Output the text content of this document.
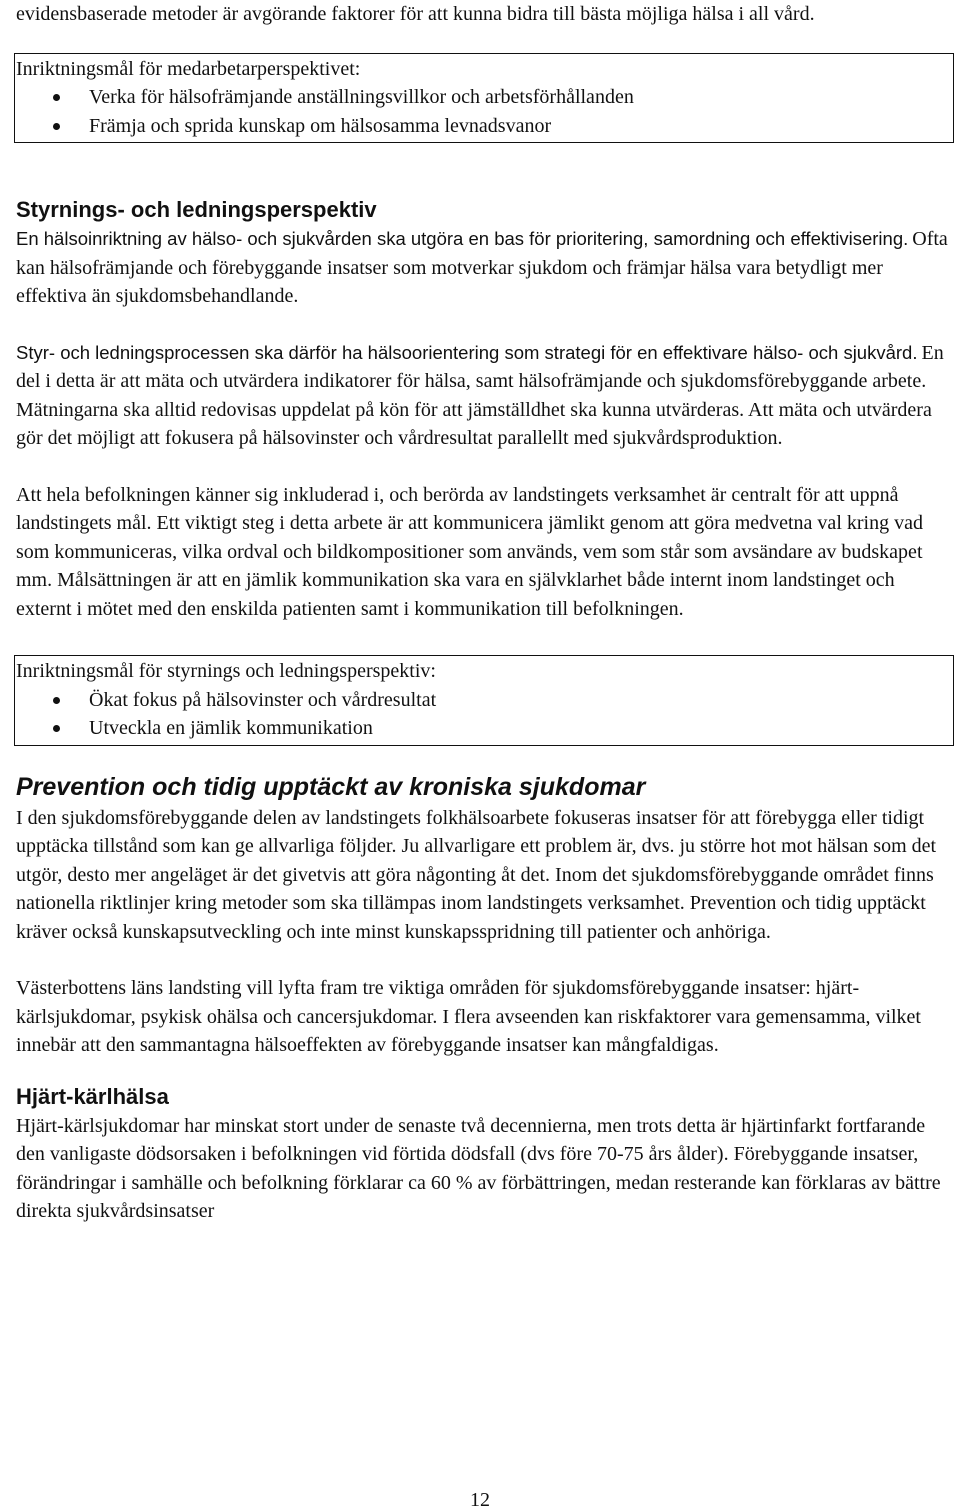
evidensbaserade metoder är avgörande faktorer för att kunna bidra till bästa möjliga hälsa i all vård.

Inriktningsmål för medarbetarperspektivet:
Verka för hälsofrämjande anställningsvillkor och arbetsförhållanden
Främja och sprida kunskap om hälsosamma levnadsvanor
Styrnings- och ledningsperspektiv

En hälsoinriktning av hälso- och sjukvården ska utgöra en bas för prioritering, samordning och effektivisering. Ofta kan hälsofrämjande och förebyggande insatser som motverkar sjukdom och främjar hälsa vara betydligt mer effektiva än sjukdomsbehandlande.

Styr- och ledningsprocessen ska därför ha hälsoorientering som strategi för en effektivare hälso- och sjukvård. En del i detta är att mäta och utvärdera indikatorer för hälsa, samt hälsofrämjande och sjukdomsförebyggande arbete. Mätningarna ska alltid redovisas uppdelat på kön för att jämställdhet ska kunna utvärderas. Att mäta och utvärdera gör det möjligt att fokusera på hälsovinster och vårdresultat parallellt med sjukvårdsproduktion.

Att hela befolkningen känner sig inkluderad i, och berörda av landstingets verksamhet är centralt för att uppnå landstingets mål. Ett viktigt steg i detta arbete är att kommunicera jämlikt genom att göra medvetna val kring vad som kommuniceras, vilka ordval och bildkompositioner som används, vem som står som avsändare av budskapet mm. Målsättningen är att en jämlik kommunikation ska vara en självklarhet både internt inom landstinget och externt i mötet med den enskilda patienten samt i kommunikation till befolkningen.

Inriktningsmål för styrnings och ledningsperspektiv:
Ökat fokus på hälsovinster och vårdresultat
Utveckla en jämlik kommunikation
Prevention och tidig upptäckt av kroniska sjukdomar

I den sjukdomsförebyggande delen av landstingets folkhälsoarbete fokuseras insatser för att förebygga eller tidigt upptäcka tillstånd som kan ge allvarliga följder. Ju allvarligare ett problem är, dvs. ju större hot mot hälsan som det utgör, desto mer angeläget är det givetvis att göra någonting åt det. Inom det sjukdomsförebyggande området finns nationella riktlinjer kring metoder som ska tillämpas inom landstingets verksamhet. Prevention och tidig upptäckt kräver också kunskapsutveckling och inte minst kunskapsspridning till patienter och anhöriga.

Västerbottens läns landsting vill lyfta fram tre viktiga områden för sjukdomsförebyggande insatser: hjärt-kärlsjukdomar, psykisk ohälsa och cancersjukdomar. I flera avseenden kan riskfaktorer vara gemensamma, vilket innebär att den sammantagna hälsoeffekten av förebyggande insatser kan mångfaldigas.

Hjärt-kärlhälsa

Hjärt-kärlsjukdomar har minskat stort under de senaste två decennierna, men trots detta är hjärtinfarkt fortfarande den vanligaste dödsorsaken i befolkningen vid förtida dödsfall (dvs före 70-75 års ålder). Förebyggande insatser, förändringar i samhälle och befolkning förklarar ca 60 % av förbättringen, medan resterande kan förklaras av bättre direkta sjukvårdsinsatser

12
